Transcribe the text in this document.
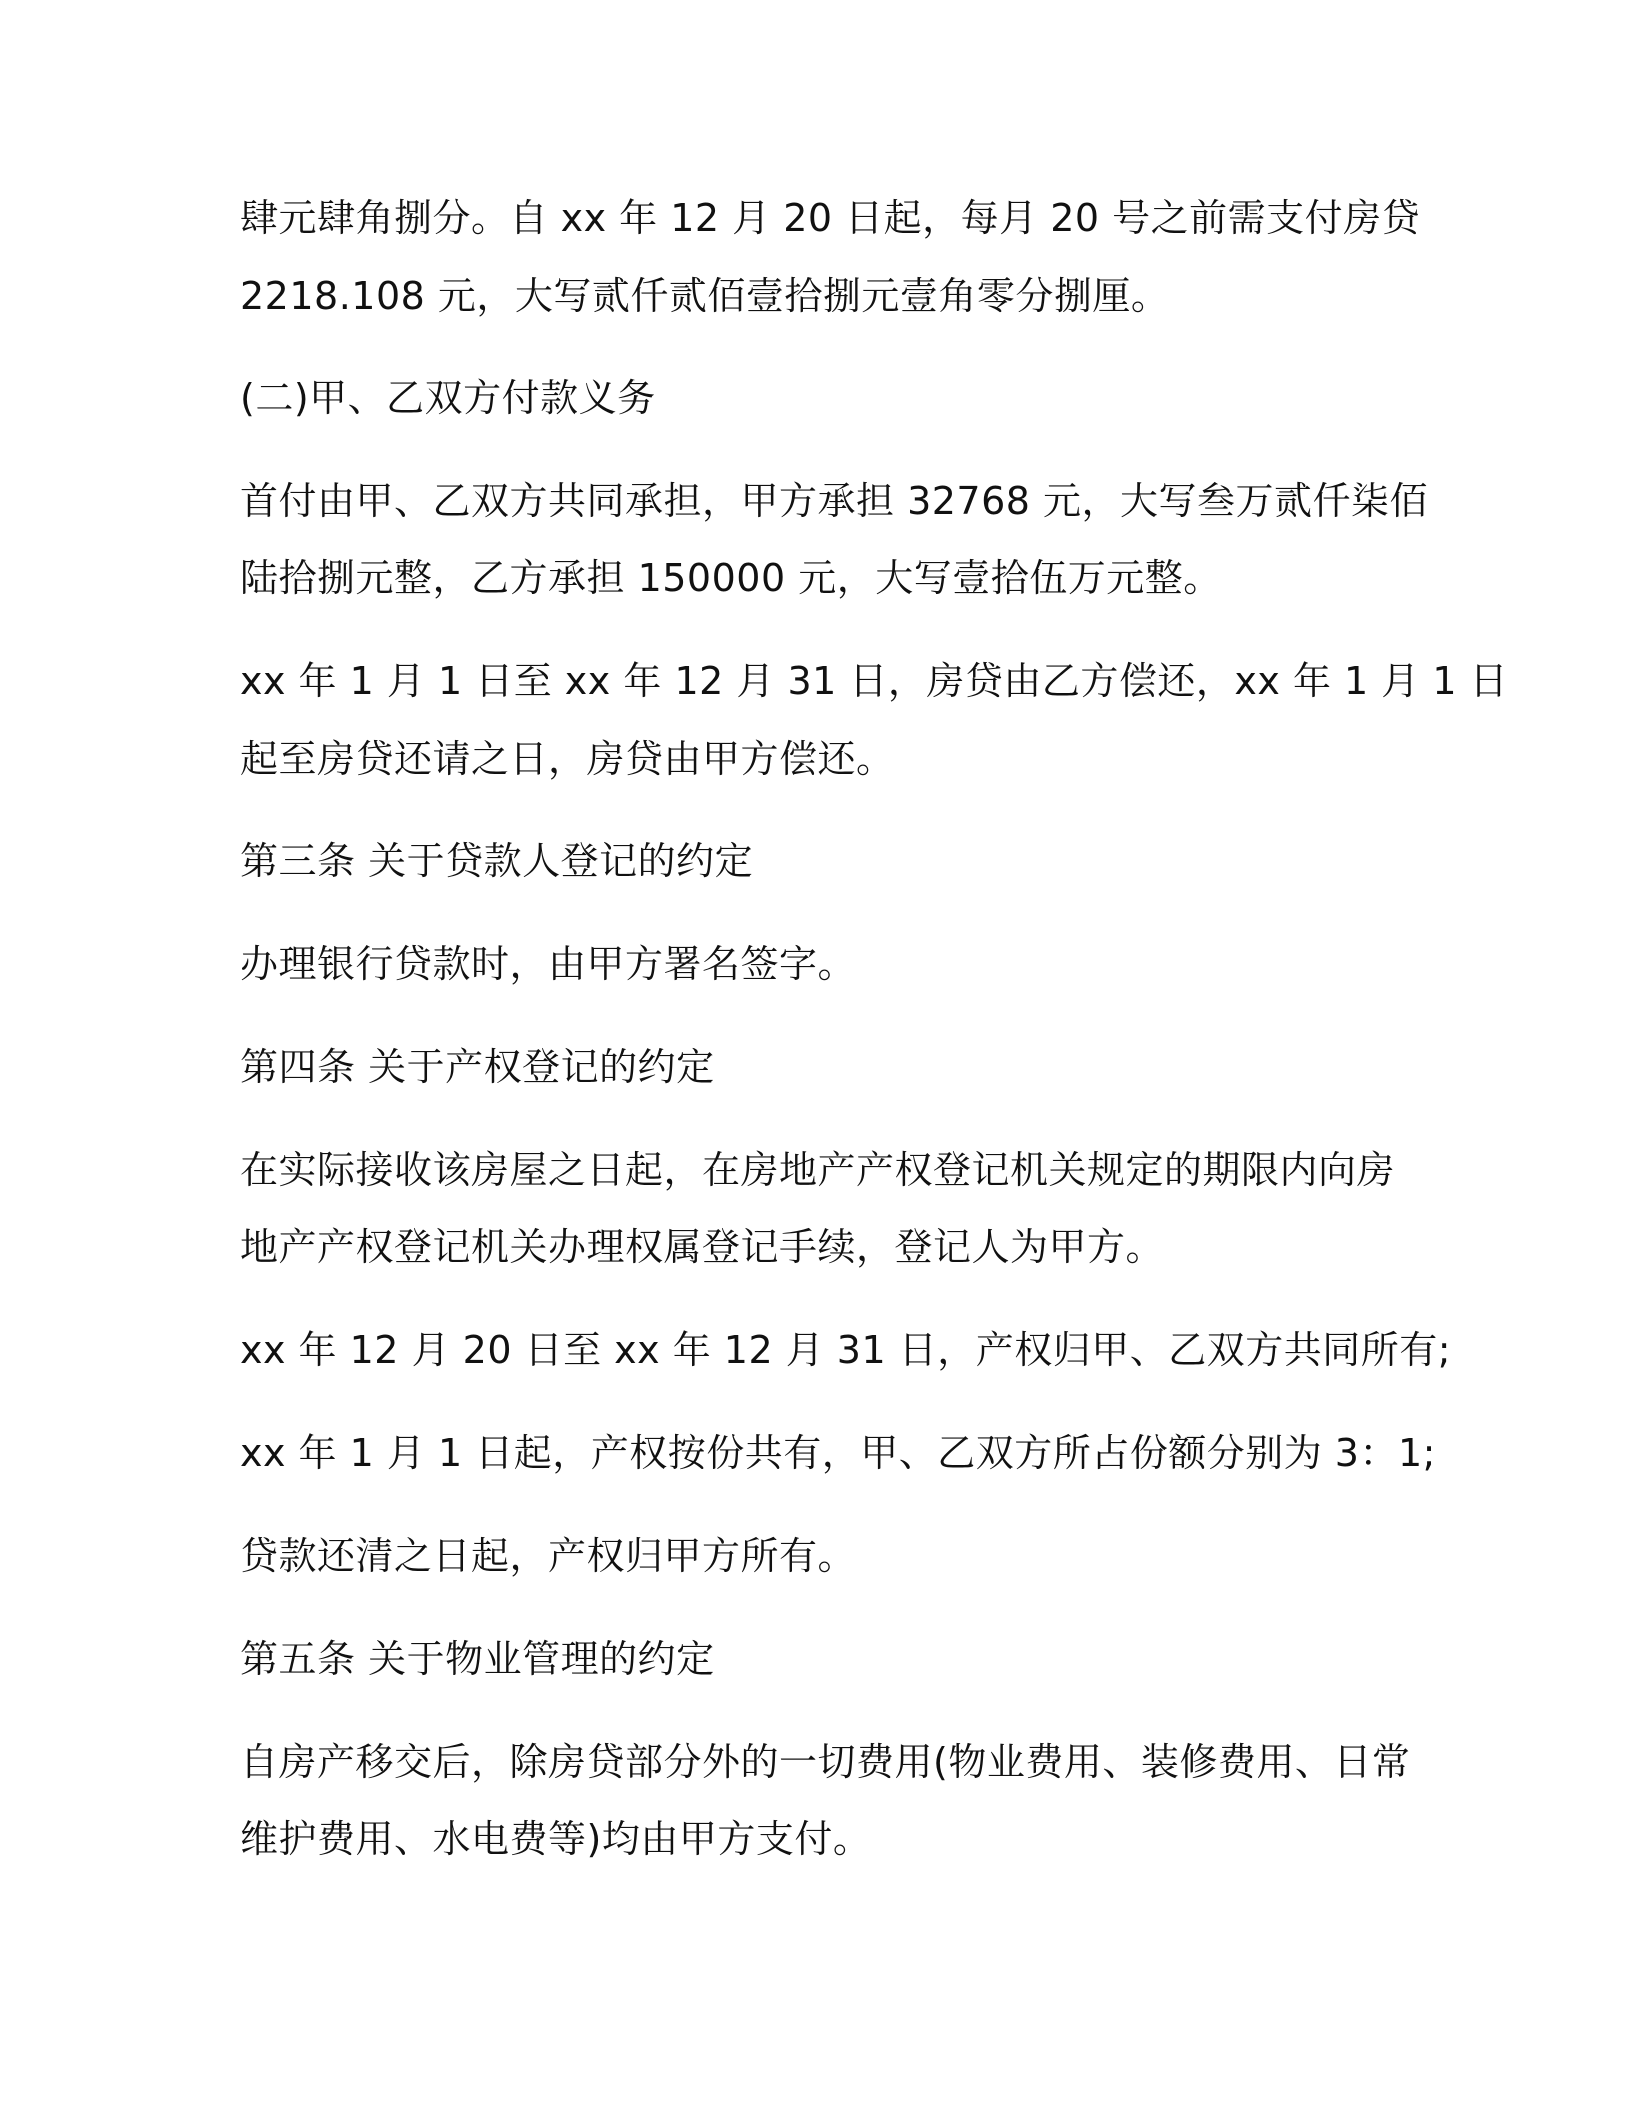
肆元肆角捌分。自 xx 年 12 月 20 日起，每月 20 号之前需支付房贷
2218.108 元，大写贰仟贰佰壹拾捌元壹角零分捌厘。
(二)甲、乙双方付款义务
首付由甲、乙双方共同承担，甲方承担 32768 元，大写叁万贰仟柒佰
陆拾捌元整，乙方承担 150000 元，大写壹拾伍万元整。
xx 年 1 月 1 日至 xx 年 12 月 31 日，房贷由乙方偿还，xx 年 1 月 1 日
起至房贷还请之日，房贷由甲方偿还。
第三条 关于贷款人登记的约定
办理银行贷款时，由甲方署名签字。
第四条 关于产权登记的约定
在实际接收该房屋之日起，在房地产产权登记机关规定的期限内向房
地产产权登记机关办理权属登记手续，登记人为甲方。
xx 年 12 月 20 日至 xx 年 12 月 31 日，产权归甲、乙双方共同所有;
xx 年 1 月 1 日起，产权按份共有，甲、乙双方所占份额分别为 3：1;
贷款还清之日起，产权归甲方所有。
第五条 关于物业管理的约定
自房产移交后，除房贷部分外的一切费用(物业费用、装修费用、日常
维护费用、水电费等)均由甲方支付。
